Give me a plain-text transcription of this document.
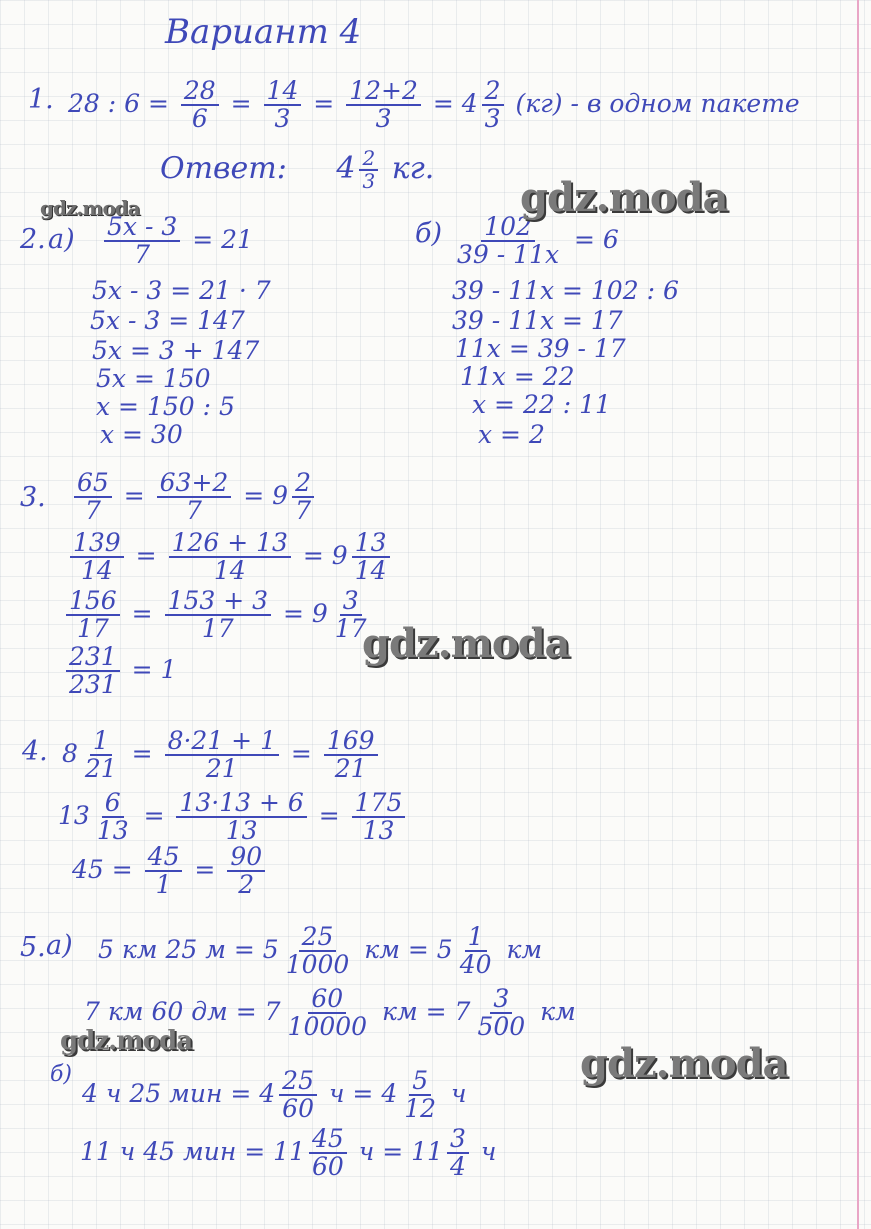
Вариант 4
1. 28 : $6 = \frac{28}{6} = \frac{14}{3} = \frac{12+2}{3} = 4 \frac{2}{3} (кг) - в$ одном пакете
Ответ: $4 \frac{2}{3}$ кг.
2. $а) \frac{5x - 3}{7} = 21$
5x - 3 = 21 · 7
5x - 3 = 147
5x = 3 + 147
5x = 150
x = 150 : 5
x = 30
$б) \frac{102}{39 - 11x} = 6$
39 - 11x = 102 : 6
39 - 11x = 17
11x = 39 - 17
11x = 22
x = 22 : 11
x = 2
3. $\frac{65}{7} = \frac{63+2}{7} = 9 \frac{2}{7}$
$\frac{139}{14} = \frac{126 + 13}{14} = 9 \frac{13}{14}$
$\frac{156}{17} = \frac{153 + 3}{17} = 9 \frac{3}{17}$
$\frac{231}{231} = 1$
4. $8 \frac{1}{21} = \frac{8\cdot 21 + 1}{21} = \frac{169}{21}$
$13 \frac{6}{13} = \frac{13\cdot 13 + 6}{13} = \frac{175}{13}$
$45 = \frac{45}{1} = \frac{90}{2}$
5. а) 5 км 25 $м = 5 \frac{25}{1000}$ км = $5 \frac{1}{40}$ км
7 км 60 дм = $7 \frac{60}{10000}$ км = $7 \frac{3}{500}$ км
б)
4 ч 25 мин = $4 \frac{25}{60}$ $ч = 4 \frac{5}{12}$ ч
11 ч 45 мин = $11 \frac{45}{60}$ $ч = 11 \frac{3}{4}$ ч
gdz.moda	gdz.moda
gdz.moda
gdz.moda	gdz.moda
